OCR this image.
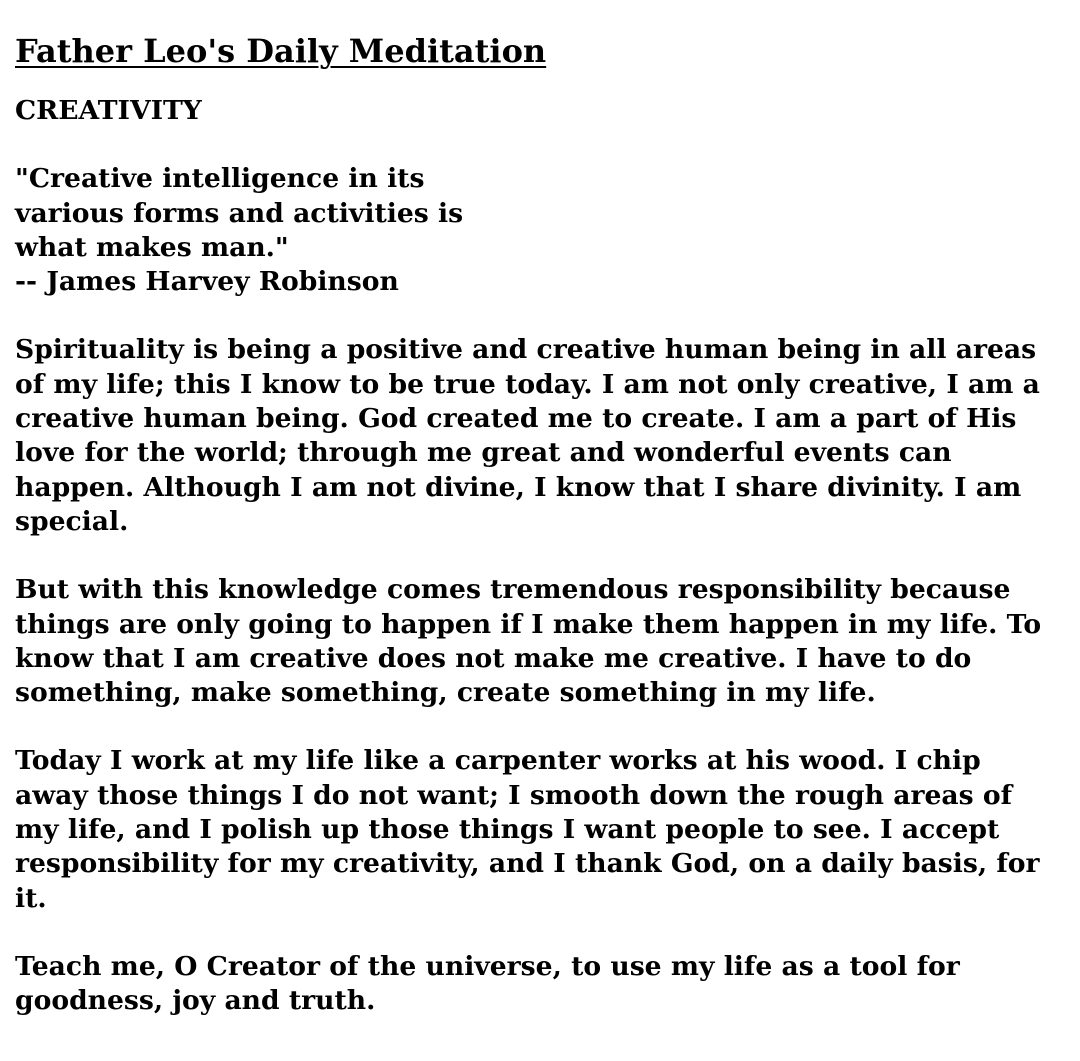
Father Leo's Daily Meditation

CREATIVITY

"Creative intelligence in its
various forms and activities is
what makes man."
-- James Harvey Robinson

Spirituality is being a positive and creative human being in all areas of my life; this I know to be true today. I am not only creative, I am a creative human being. God created me to create. I am a part of His love for the world; through me great and wonderful events can happen. Although I am not divine, I know that I share divinity. I am special.

But with this knowledge comes tremendous responsibility because things are only going to happen if I make them happen in my life. To know that I am creative does not make me creative. I have to do something, make something, create something in my life.

Today I work at my life like a carpenter works at his wood. I chip away those things I do not want; I smooth down the rough areas of my life, and I polish up those things I want people to see. I accept responsibility for my creativity, and I thank God, on a daily basis, for it.

Teach me, O Creator of the universe, to use my life as a tool for goodness, joy and truth.
